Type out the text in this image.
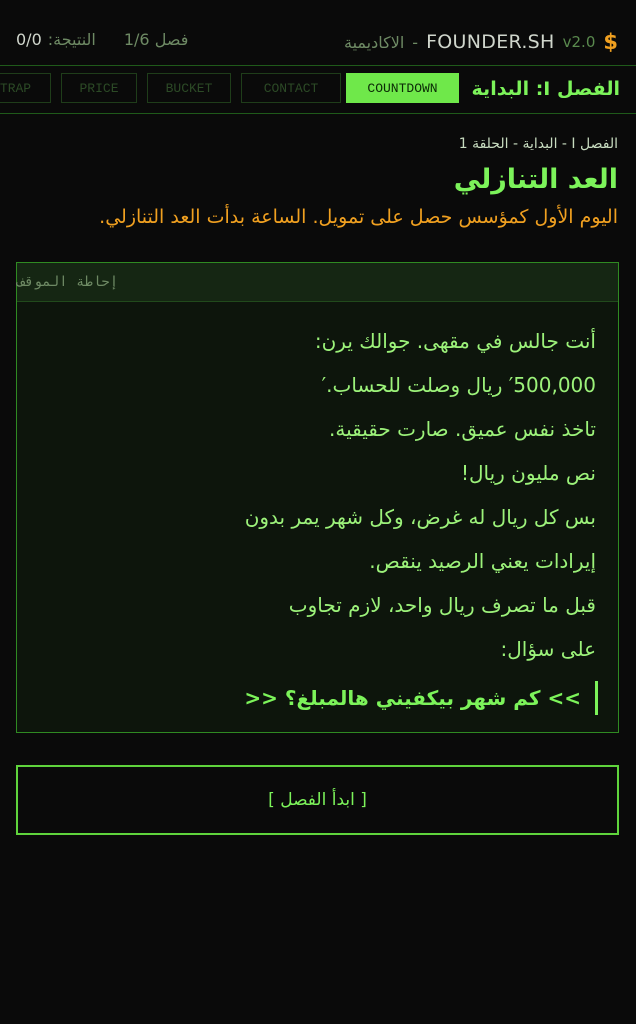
$
v2.0
FOUNDER.SH
-
الاكاديمية
النتيجة:
0/0	فصل 1/6
الفصل I: البداية
COUNTDOWN
CONTACT
BUCKET
PRICE
TRAP
الفصل I - البداية - الحلقة 1
العد التنازلي
اليوم الأول كمؤسس حصل على تمويل. الساعة بدأت العد التنازلي.
إحاطة الموقف
أنت جالس في مقهى. جوالك يرن:
′500,000 ريال وصلت للحساب.′
تاخذ نفس عميق. صارت حقيقية.
نص مليون ريال!
بس كل ريال له غرض، وكل شهر يمر بدون
إيرادات يعني الرصيد ينقص.
قبل ما تصرف ريال واحد، لازم تجاوب
على سؤال:
>> كم شهر بيكفيني هالمبلغ؟ <<
[ ابدأ الفصل ]
